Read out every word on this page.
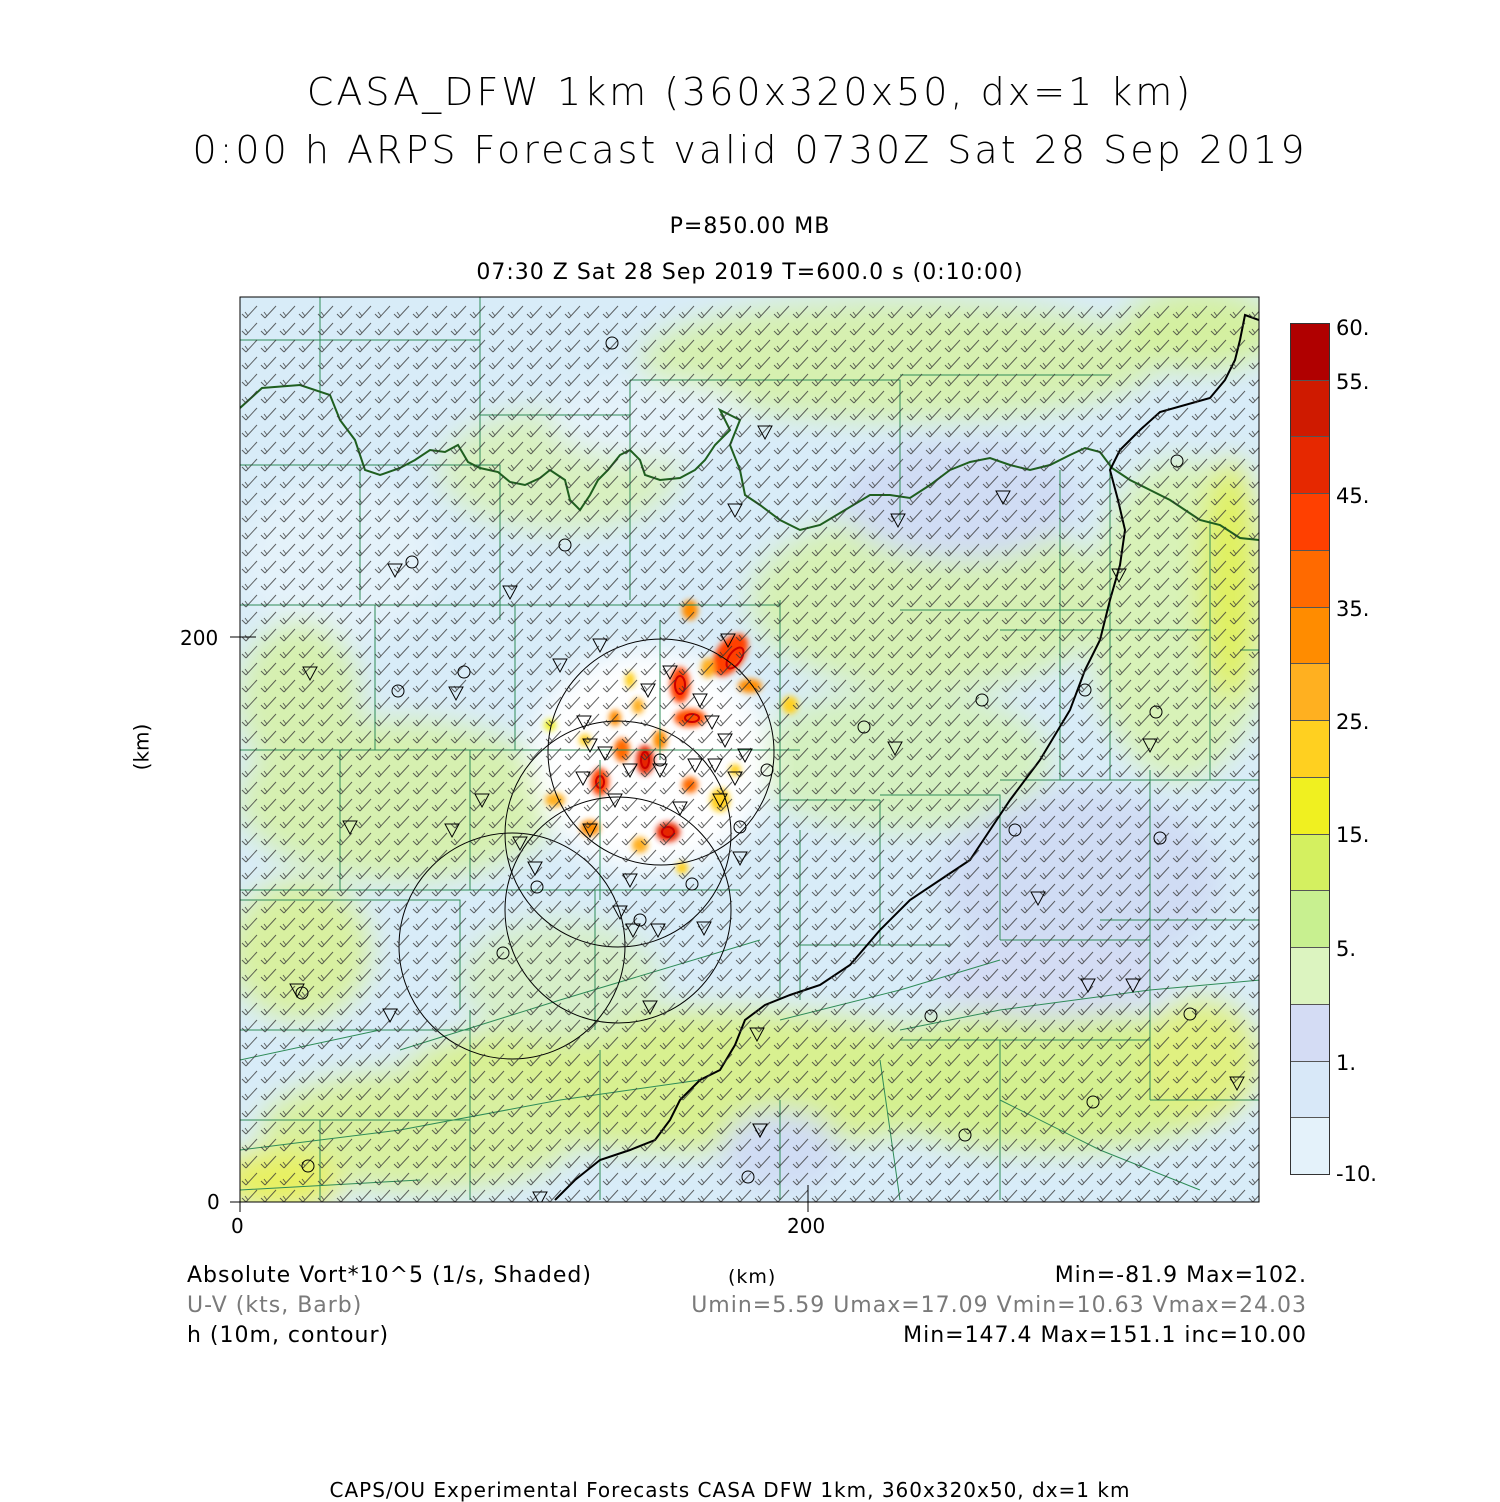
CASA_DFW 1km (360x320x50, dx=1 km)
0:00 h ARPS Forecast valid 0730Z Sat 28 Sep 2019
P=850.00 MB
07:30 Z Sat 28 Sep 2019 T=600.0 s (0:10:00)
0	200
0
200
(km)
60.
55.
45.
35.
25.
15.
5.
1.
-10.
Absolute Vort*10^5 (1/s, Shaded)	(km)	Min=-81.9 Max=102.
U-V (kts, Barb)	Umin=5.59 Umax=17.09 Vmin=10.63 Vmax=24.03
h (10m, contour)	Min=147.4 Max=151.1 inc=10.00
CAPS/OU Experimental Forecasts CASA DFW 1km, 360x320x50, dx=1 km
